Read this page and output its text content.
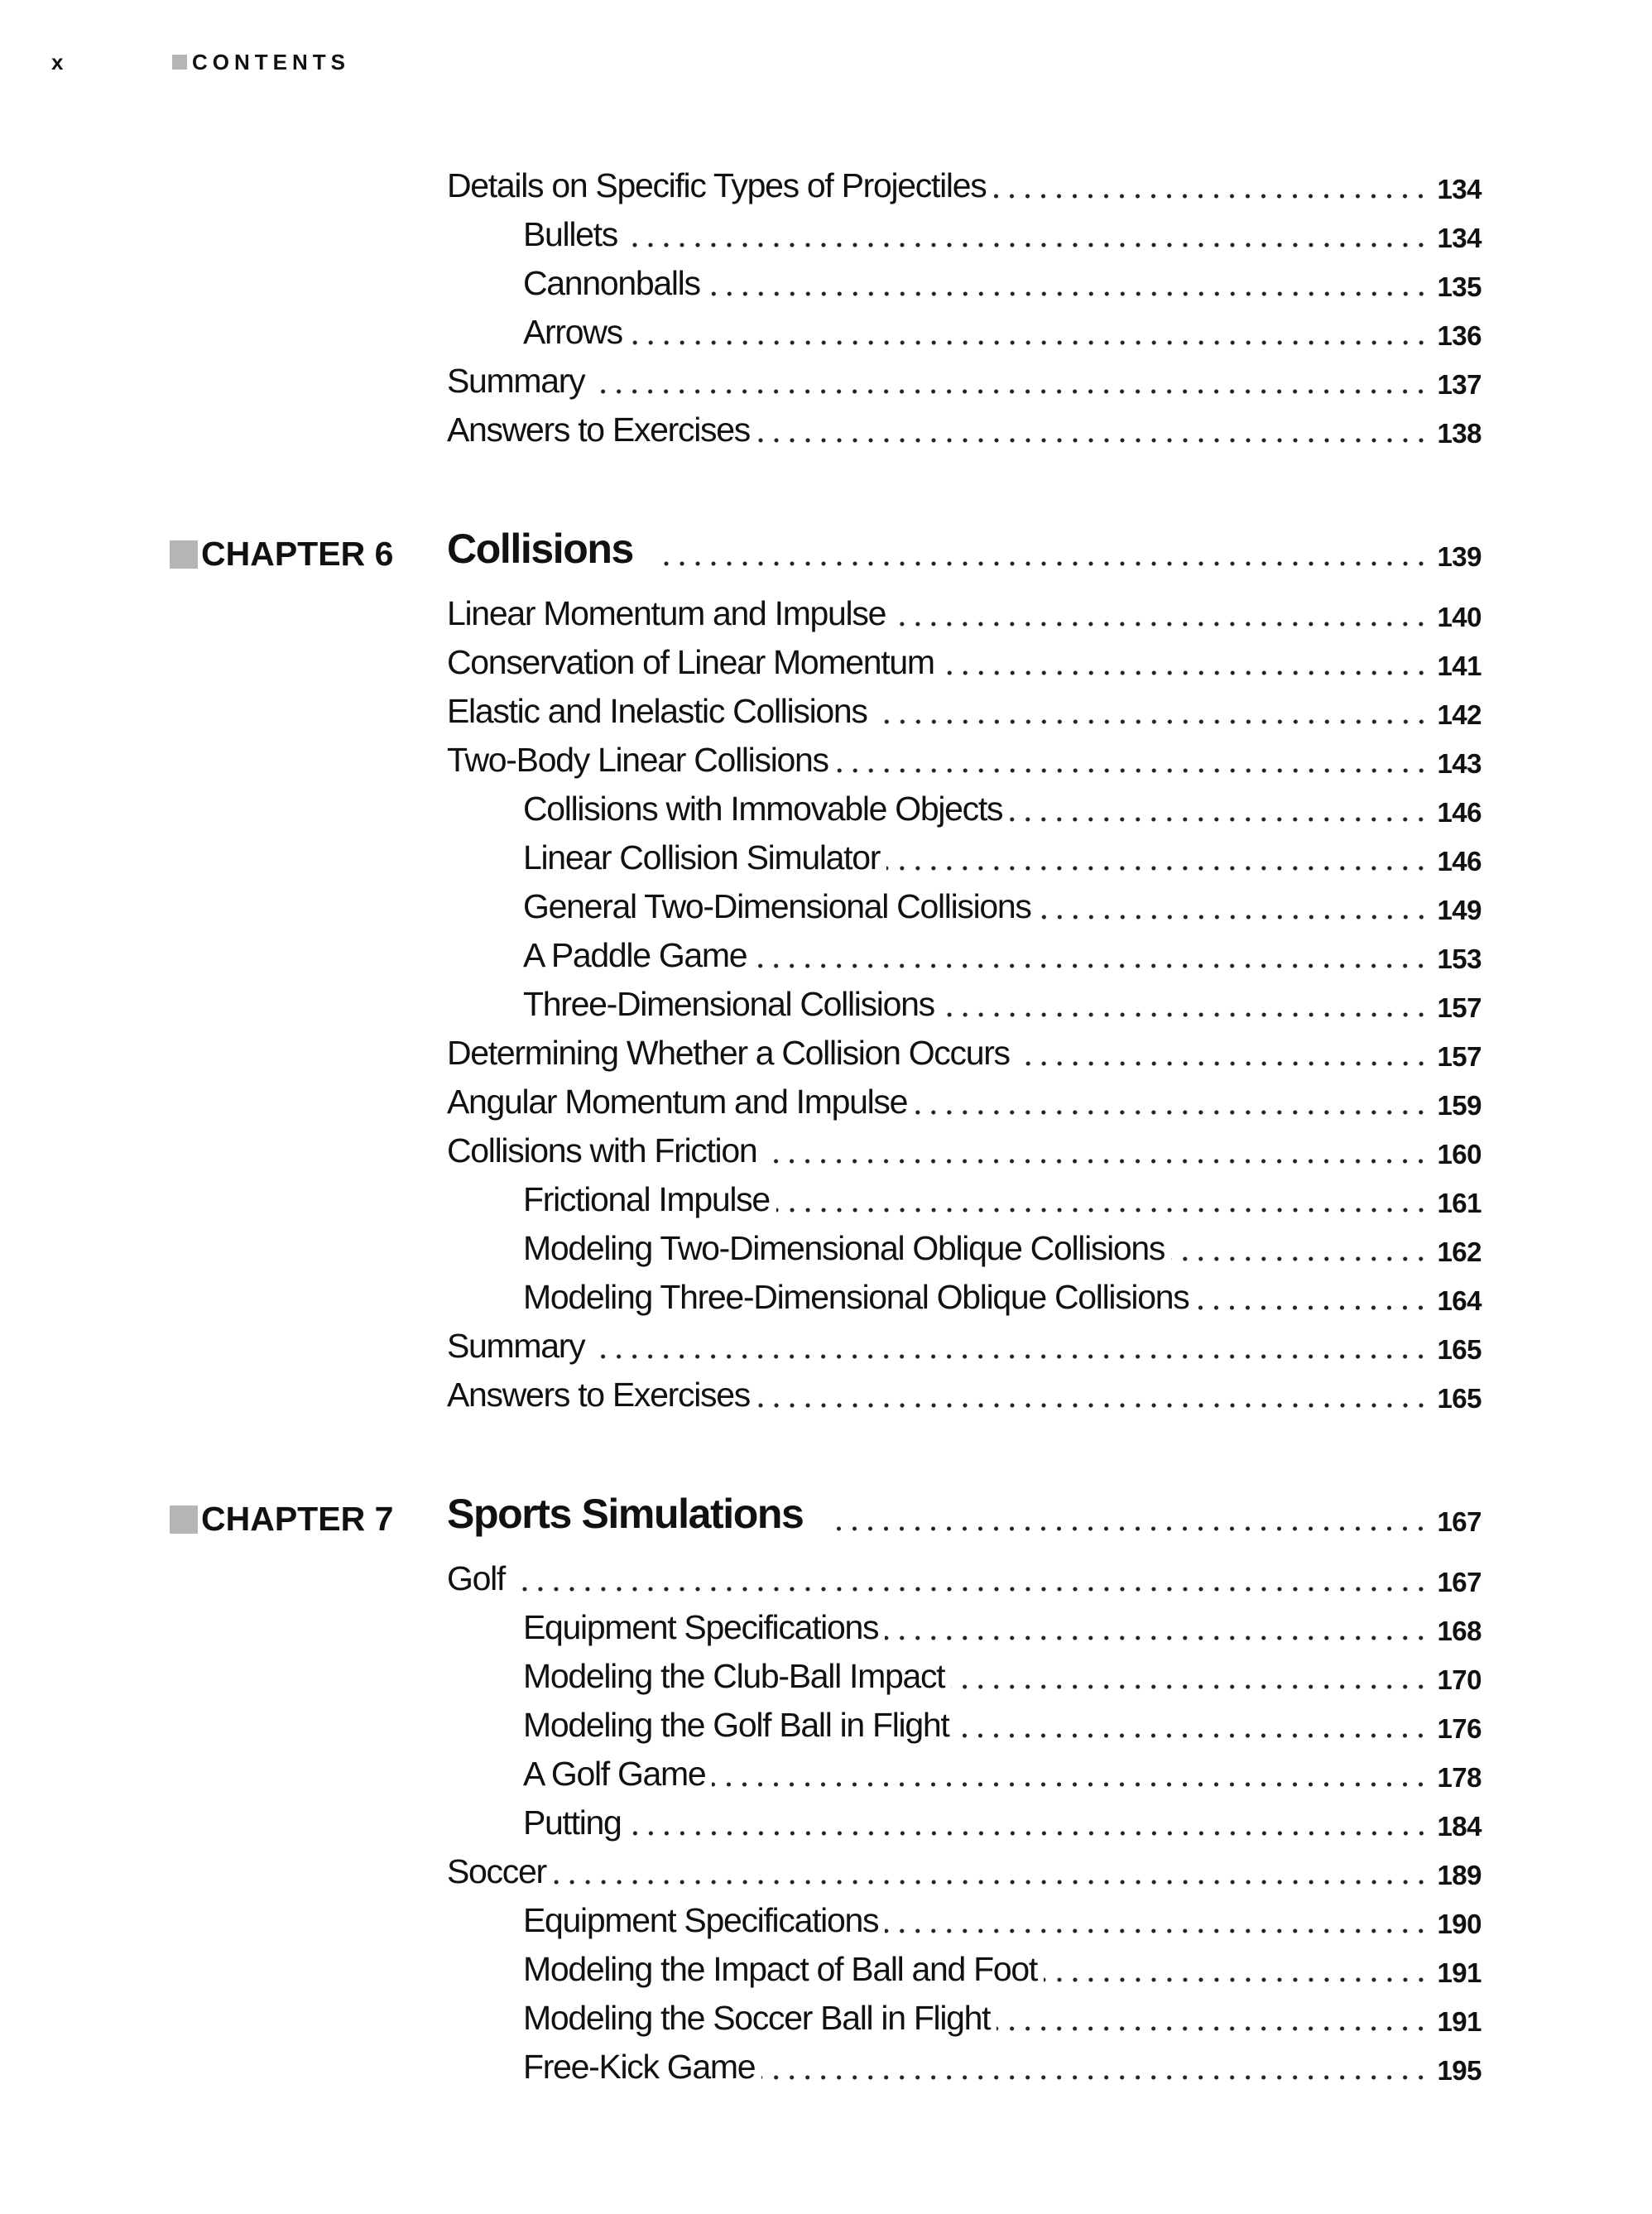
x	CONTENTS
Details on Specific Types of Projectiles	134
Bullets	134
Cannonballs	135
Arrows	136
Summary	137
Answers to Exercises	138
CHAPTER 6 Collisions	139
Linear Momentum and Impulse	140
Conservation of Linear Momentum	141
Elastic and Inelastic Collisions	142
Two-Body Linear Collisions	143
Collisions with Immovable Objects	146
Linear Collision Simulator	146
General Two-Dimensional Collisions	149
A Paddle Game	153
Three-Dimensional Collisions	157
Determining Whether a Collision Occurs	157
Angular Momentum and Impulse	159
Collisions with Friction	160
Frictional Impulse	161
Modeling Two-Dimensional Oblique Collisions	162
Modeling Three-Dimensional Oblique Collisions	164
Summary	165
Answers to Exercises	165
CHAPTER 7 Sports Simulations	167
Golf	167
Equipment Specifications	168
Modeling the Club-Ball Impact	170
Modeling the Golf Ball in Flight	176
A Golf Game	178
Putting	184
Soccer	189
Equipment Specifications	190
Modeling the Impact of Ball and Foot	191
Modeling the Soccer Ball in Flight	191
Free-Kick Game	195
